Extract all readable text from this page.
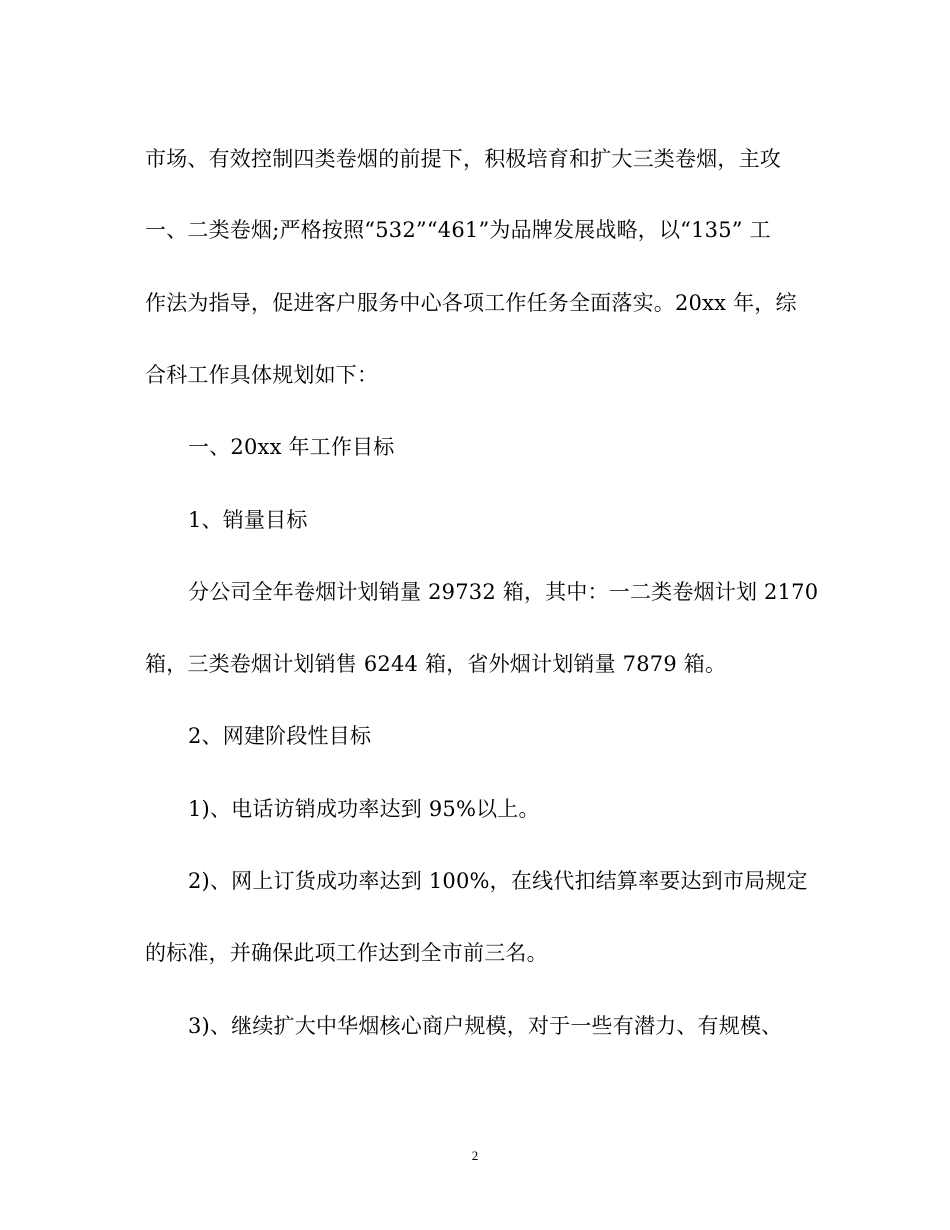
市场、有效控制四类卷烟的前提下，积极培育和扩大三类卷烟，主攻
一、二类卷烟;严格按照“532”“461”为品牌发展战略，以“135” 工
作法为指导，促进客户服务中心各项工作任务全面落实。20xx 年，综
合科工作具体规划如下：
一、20xx 年工作目标
1、销量目标
分公司全年卷烟计划销量 29732 箱，其中：一二类卷烟计划 2170
箱，三类卷烟计划销售 6244 箱，省外烟计划销量 7879 箱。
2、网建阶段性目标
1)、电话访销成功率达到 95%以上。
2)、网上订货成功率达到 100%，在线代扣结算率要达到市局规定
的标准，并确保此项工作达到全市前三名。
3)、继续扩大中华烟核心商户规模，对于一些有潜力、有规模、
2
